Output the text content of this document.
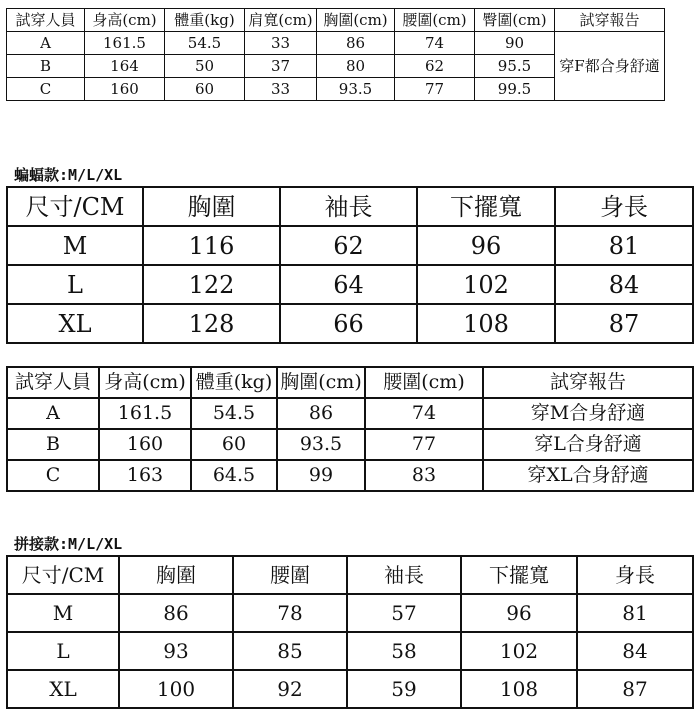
試穿人員	身高(cm)	體重(kg)	肩寬(cm)	胸圍(cm)	腰圍(cm)	臀圍(cm)	試穿報告
A	161.5	54.5	33	86	74	90	穿F都合身舒適
B	164	50	37	80	62	95.5	
C	160	60	33	93.5	77	99.5	
蝙蝠款:M/L/XL
尺寸/CM	胸圍	袖長	下擺寬	身長
M	116	62	96	81
L	122	64	102	84
XL	128	66	108	87
試穿人員	身高(cm)	體重(kg)	胸圍(cm)	腰圍(cm)	試穿報告
A	161.5	54.5	86	74	穿M合身舒適
B	160	60	93.5	77	穿L合身舒適
C	163	64.5	99	83	穿XL合身舒適
拼接款:M/L/XL
尺寸/CM	胸圍	腰圍	袖長	下擺寬	身長
M	86	78	57	96	81
L	93	85	58	102	84
XL	100	92	59	108	87
